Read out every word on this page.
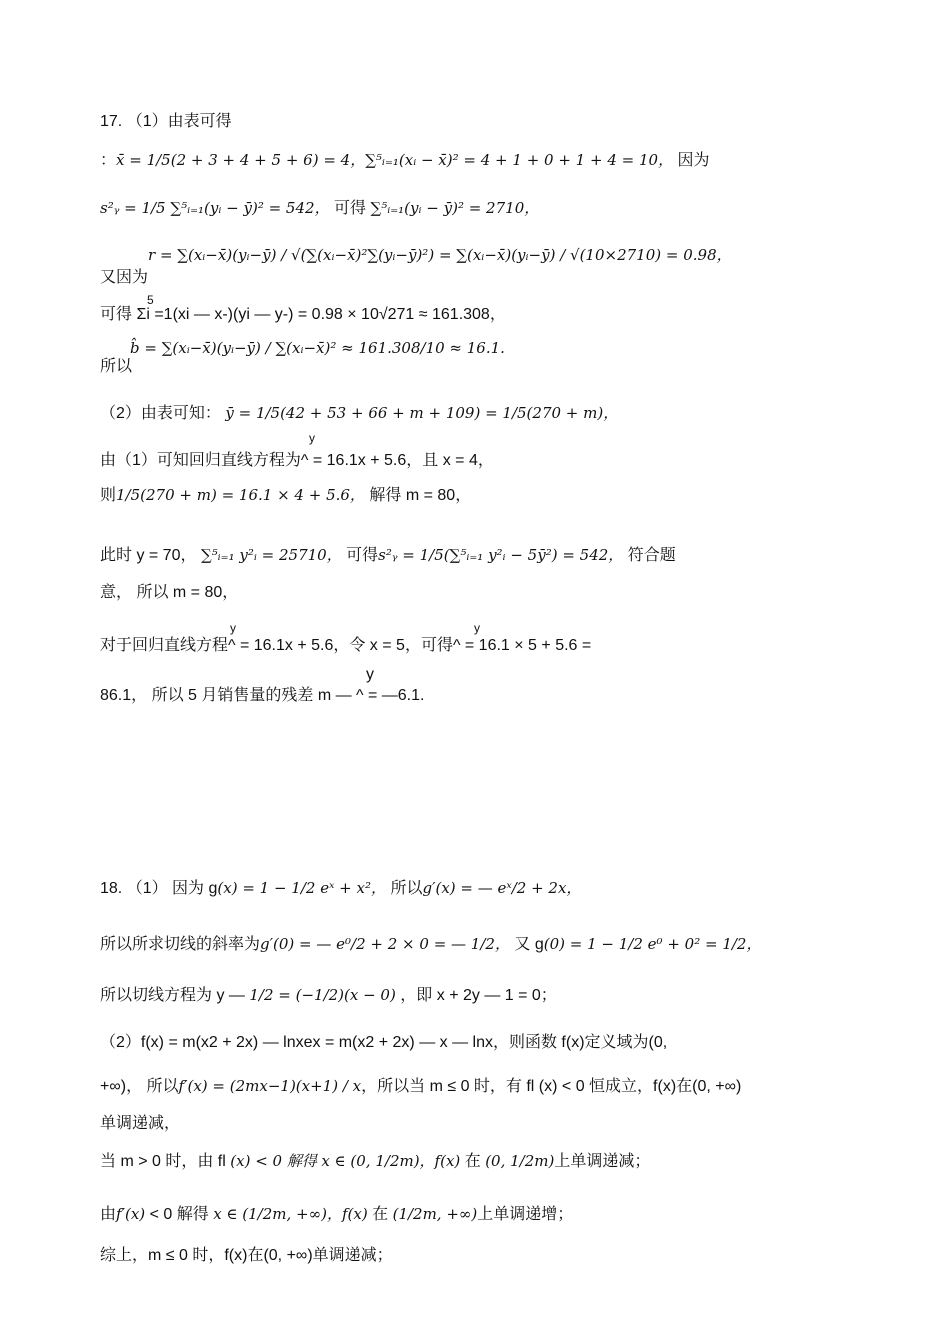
17. （1）由表可得
：x̄ = 1/5(2 + 3 + 4 + 5 + 6) = 4，∑⁵ᵢ₌₁(xᵢ − x̄)² = 4 + 1 + 0 + 1 + 4 = 10， 因为
s²ᵧ = 1/5 ∑⁵ᵢ₌₁(yᵢ − ȳ)² = 542， 可得 ∑⁵ᵢ₌₁(yᵢ − ȳ)² = 2710，
r = ∑(xᵢ−x̄)(yᵢ−ȳ) / √(∑(xᵢ−x̄)²∑(yᵢ−ȳ)²) = ∑(xᵢ−x̄)(yᵢ−ȳ) / √(10×2710) = 0.98，
又因为
5
可得 Σi =1(xi — x-)(yi — y-) = 0.98 × 10√271 ≈ 161.308，
b̂ = ∑(xᵢ−x̄)(yᵢ−ȳ) / ∑(xᵢ−x̄)² ≈ 161.308/10 ≈ 16.1.
所以
（2）由表可知： ȳ = 1/5(42 + 53 + 66 + m + 109) = 1/5(270 + m)，
y
由（1）可知回归直线方程为^ = 16.1x + 5.6，且 x = 4，
则1/5(270 + m) = 16.1 × 4 + 5.6， 解得 m = 80，
此时 y = 70， ∑⁵ᵢ₌₁ y²ᵢ = 25710， 可得s²ᵧ = 1/5(∑⁵ᵢ₌₁ y²ᵢ − 5ȳ²) = 542， 符合题
意， 所以 m = 80，
y	y
对于回归直线方程^ = 16.1x + 5.6，令 x = 5，可得^ = 16.1 × 5 + 5.6 =
y
86.1， 所以 5 月销售量的残差 m — ^ = —6.1.
18. （1） 因为 g(x) = 1 − 1/2 eˣ + x²， 所以g′(x) = — eˣ/2 + 2x，
所以所求切线的斜率为g′(0) = — e⁰/2 + 2 × 0 = — 1/2， 又 g(0) = 1 − 1/2 e⁰ + 0² = 1/2，
所以切线方程为 y — 1/2 = (−1/2)(x − 0) ，即 x + 2y — 1 = 0；
（2）f(x) = m(x2 + 2x) — lnxex = m(x2 + 2x) — x — lnx，则函数 f(x)定义域为(0,
+∞)， 所以f′(x) = (2mx−1)(x+1) / x，所以当 m ≤ 0 时，有 fl (x) < 0 恒成立，f(x)在(0, +∞)
单调递减，
当 m > 0 时，由 fl (x) < 0 解得 x ∈ (0, 1/2m)，f(x) 在 (0, 1/2m)上单调递减；
由f′(x) < 0 解得 x ∈ (1/2m, +∞)，f(x) 在 (1/2m, +∞)上单调递增；
综上，m ≤ 0 时，f(x)在(0, +∞)单调递减；
